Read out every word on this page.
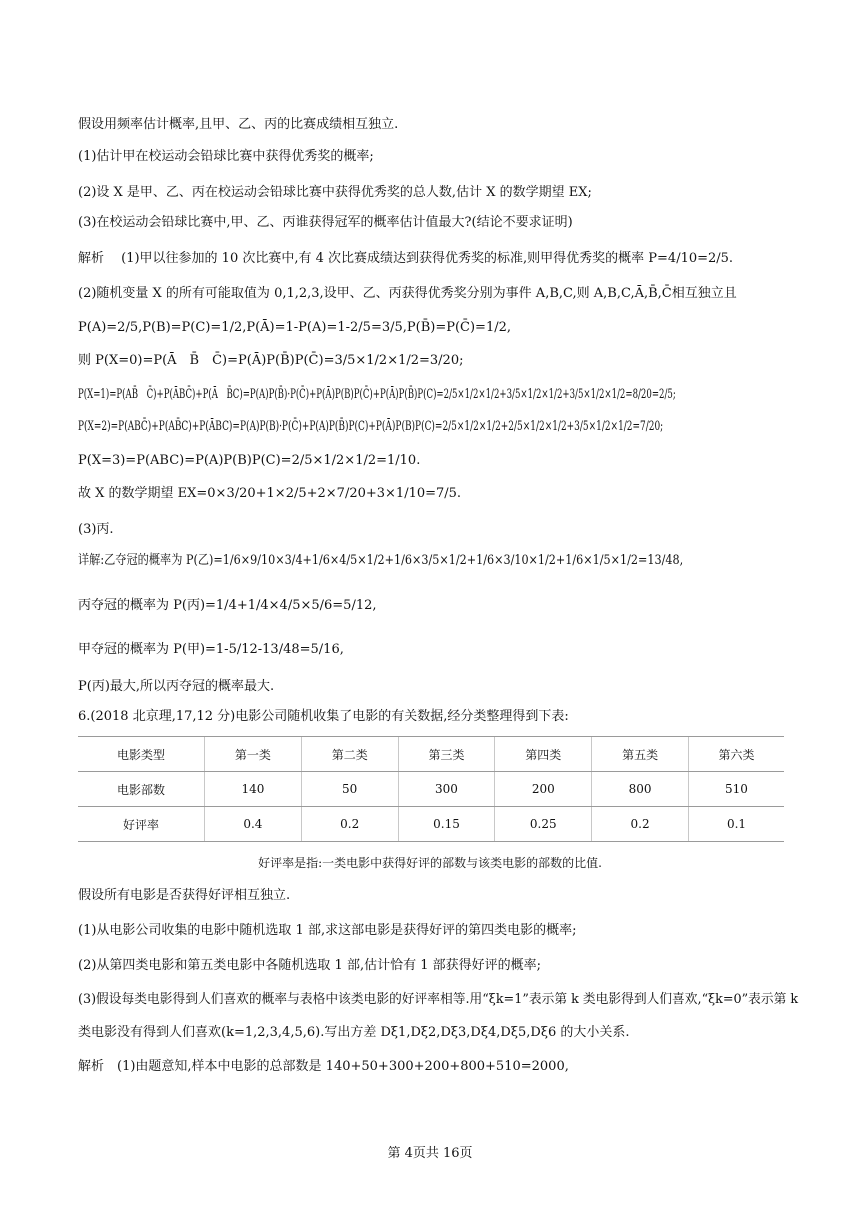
假设用频率估计概率,且甲、乙、丙的比赛成绩相互独立.
(1)估计甲在校运动会铅球比赛中获得优秀奖的概率;
(2)设 X 是甲、乙、丙在校运动会铅球比赛中获得优秀奖的总人数,估计 X 的数学期望 EX;
(3)在校运动会铅球比赛中,甲、乙、丙谁获得冠军的概率估计值最大?(结论不要求证明)
解析　 (1)甲以往参加的 10 次比赛中,有 4 次比赛成绩达到获得优秀奖的标准,则甲得优秀奖的概率 P=4/10=2/5.
(2)随机变量 X 的所有可能取值为 0,1,2,3,设甲、乙、丙获得优秀奖分别为事件 A,B,C,则 A,B,C,Ā,B̄,C̄相互独立且
P(A)=2/5,P(B)=P(C)=1/2,P(Ā)=1-P(A)=1-2/5=3/5,P(B̄)=P(C̄)=1/2,
则 P(X=0)=P(Ā　B̄　C̄)=P(Ā)P(B̄)P(C̄)=3/5×1/2×1/2=3/20;
P(X=1)=P(AB̄　C̄)+P(ĀBC̄)+P(Ā　B̄C)=P(A)P(B̄)·P(C̄)+P(Ā)P(B)P(C̄)+P(Ā)P(B̄)P(C)=2/5×1/2×1/2+3/5×1/2×1/2+3/5×1/2×1/2=8/20=2/5;
P(X=2)=P(ABC̄)+P(AB̄C)+P(ĀBC)=P(A)P(B)·P(C̄)+P(A)P(B̄)P(C)+P(Ā)P(B)P(C)=2/5×1/2×1/2+2/5×1/2×1/2+3/5×1/2×1/2=7/20;
P(X=3)=P(ABC)=P(A)P(B)P(C)=2/5×1/2×1/2=1/10.
故 X 的数学期望 EX=0×3/20+1×2/5+2×7/20+3×1/10=7/5.
(3)丙.
详解:乙夺冠的概率为 P(乙)=1/6×9/10×3/4+1/6×4/5×1/2+1/6×3/5×1/2+1/6×3/10×1/2+1/6×1/5×1/2=13/48,
丙夺冠的概率为 P(丙)=1/4+1/4×4/5×5/6=5/12,
甲夺冠的概率为 P(甲)=1-5/12-13/48=5/16,
P(丙)最大,所以丙夺冠的概率最大.
6.(2018 北京理,17,12 分)电影公司随机收集了电影的有关数据,经分类整理得到下表:
电影类型	第一类	第二类	第三类	第四类	第五类	第六类
电影部数	140	50	300	200	800	510
好评率	0.4	0.2	0.15	0.25	0.2	0.1
好评率是指:一类电影中获得好评的部数与该类电影的部数的比值.
假设所有电影是否获得好评相互独立.
(1)从电影公司收集的电影中随机选取 1 部,求这部电影是获得好评的第四类电影的概率;
(2)从第四类电影和第五类电影中各随机选取 1 部,估计恰有 1 部获得好评的概率;
(3)假设每类电影得到人们喜欢的概率与表格中该类电影的好评率相等.用“ξk=1”表示第 k 类电影得到人们喜欢,“ξk=0”表示第 k
类电影没有得到人们喜欢(k=1,2,3,4,5,6).写出方差 Dξ1,Dξ2,Dξ3,Dξ4,Dξ5,Dξ6 的大小关系.
解析　(1)由题意知,样本中电影的总部数是 140+50+300+200+800+510=2000,
第 4页共 16页
